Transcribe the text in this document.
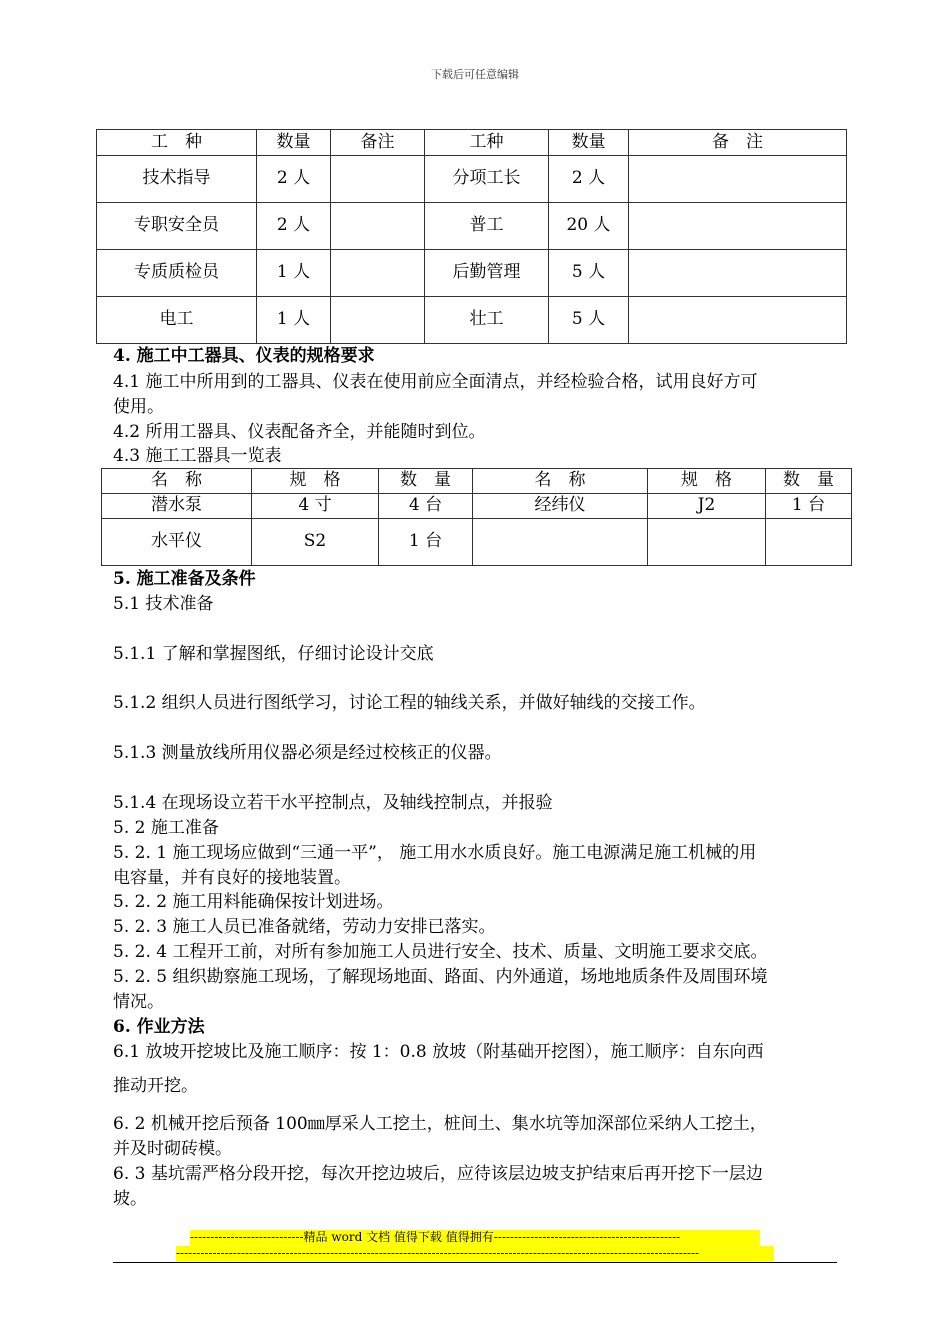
下载后可任意编辑
工　种	数量	备注	工种	数量	备　注
技术指导	2 人		分项工长	2 人	
专职安全员	2 人		普工	20 人	
专质质检员	1 人		后勤管理	5 人	
电工	1 人		壮工	5 人	
4. 施工中工器具、仪表的规格要求
4.1 施工中所用到的工器具、仪表在使用前应全面清点，并经检验合格，试用良好方可
使用。
4.2 所用工器具、仪表配备齐全，并能随时到位。
4.3 施工工器具一览表
名　称	规　格	数　量	名　称	规　格	数　量
潜水泵	4 寸	4 台	经纬仪	J2	1 台
水平仪	S2	1 台			
5. 施工准备及条件
5.1 技术准备
5.1.1 了解和掌握图纸，仔细讨论设计交底
5.1.2 组织人员进行图纸学习，讨论工程的轴线关系，并做好轴线的交接工作。
5.1.3 测量放线所用仪器必须是经过校核正的仪器。
5.1.4 在现场设立若干水平控制点，及轴线控制点，并报验
5. 2 施工准备
5. 2. 1 施工现场应做到“三通一平”， 施工用水水质良好。施工电源满足施工机械的用
电容量，并有良好的接地装置。
5. 2. 2 施工用料能确保按计划进场。
5. 2. 3 施工人员已准备就绪，劳动力安排已落实。
5. 2. 4 工程开工前，对所有参加施工人员进行安全、技术、质量、文明施工要求交底。
5. 2. 5 组织勘察施工现场，了解现场地面、路面、内外通道，场地地质条件及周围环境
情况。
6. 作业方法
6.1 放坡开挖坡比及施工顺序：按 1：0.8 放坡（附基础开挖图），施工顺序：自东向西
推动开挖。
6. 2 机械开挖后预备 100㎜厚采人工挖土，桩间土、集水坑等加深部位采纳人工挖土，
并及时砌砖模。
6. 3 基坑需严格分段开挖，每次开挖边坡后，应待该层边坡支护结束后再开挖下一层边
坡。
----------------------------精品 word 文档 值得下载 值得拥有----------------------------------------------
---------------------------------------------------------------------------------------------------------------------------------
